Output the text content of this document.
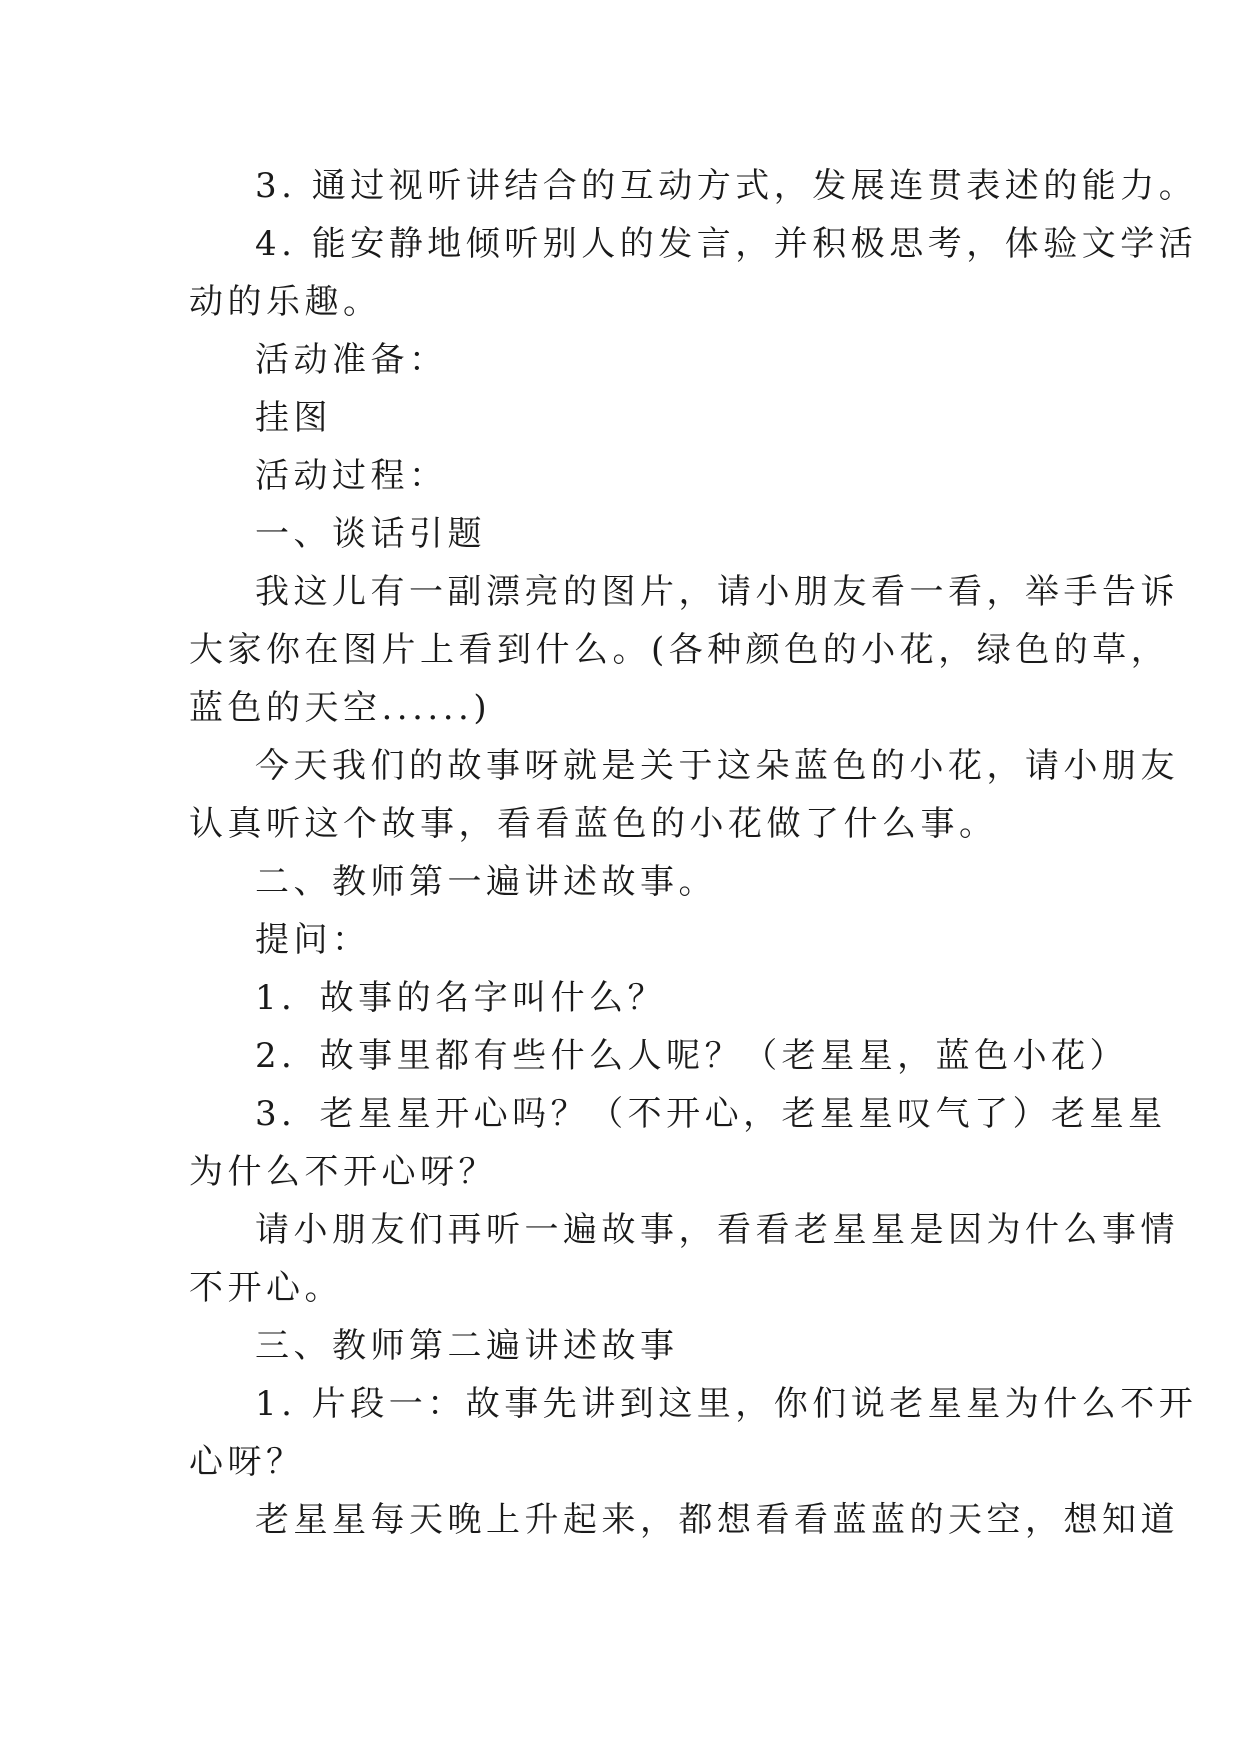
3. 通过视听讲结合的互动方式，发展连贯表述的能力。
4. 能安静地倾听别人的发言，并积极思考，体验文学活
动的乐趣。
活动准备：
挂图
活动过程：
一、谈话引题
我这儿有一副漂亮的图片，请小朋友看一看，举手告诉
大家你在图片上看到什么。(各种颜色的小花，绿色的草，
蓝色的天空......)
今天我们的故事呀就是关于这朵蓝色的小花，请小朋友
认真听这个故事，看看蓝色的小花做了什么事。
二、教师第一遍讲述故事。
提问：
1．故事的名字叫什么？
2．故事里都有些什么人呢？（老星星，蓝色小花）
3．老星星开心吗？（不开心，老星星叹气了）老星星
为什么不开心呀？
请小朋友们再听一遍故事，看看老星星是因为什么事情
不开心。
三、教师第二遍讲述故事
1. 片段一：故事先讲到这里，你们说老星星为什么不开
心呀？
老星星每天晚上升起来，都想看看蓝蓝的天空，想知道
